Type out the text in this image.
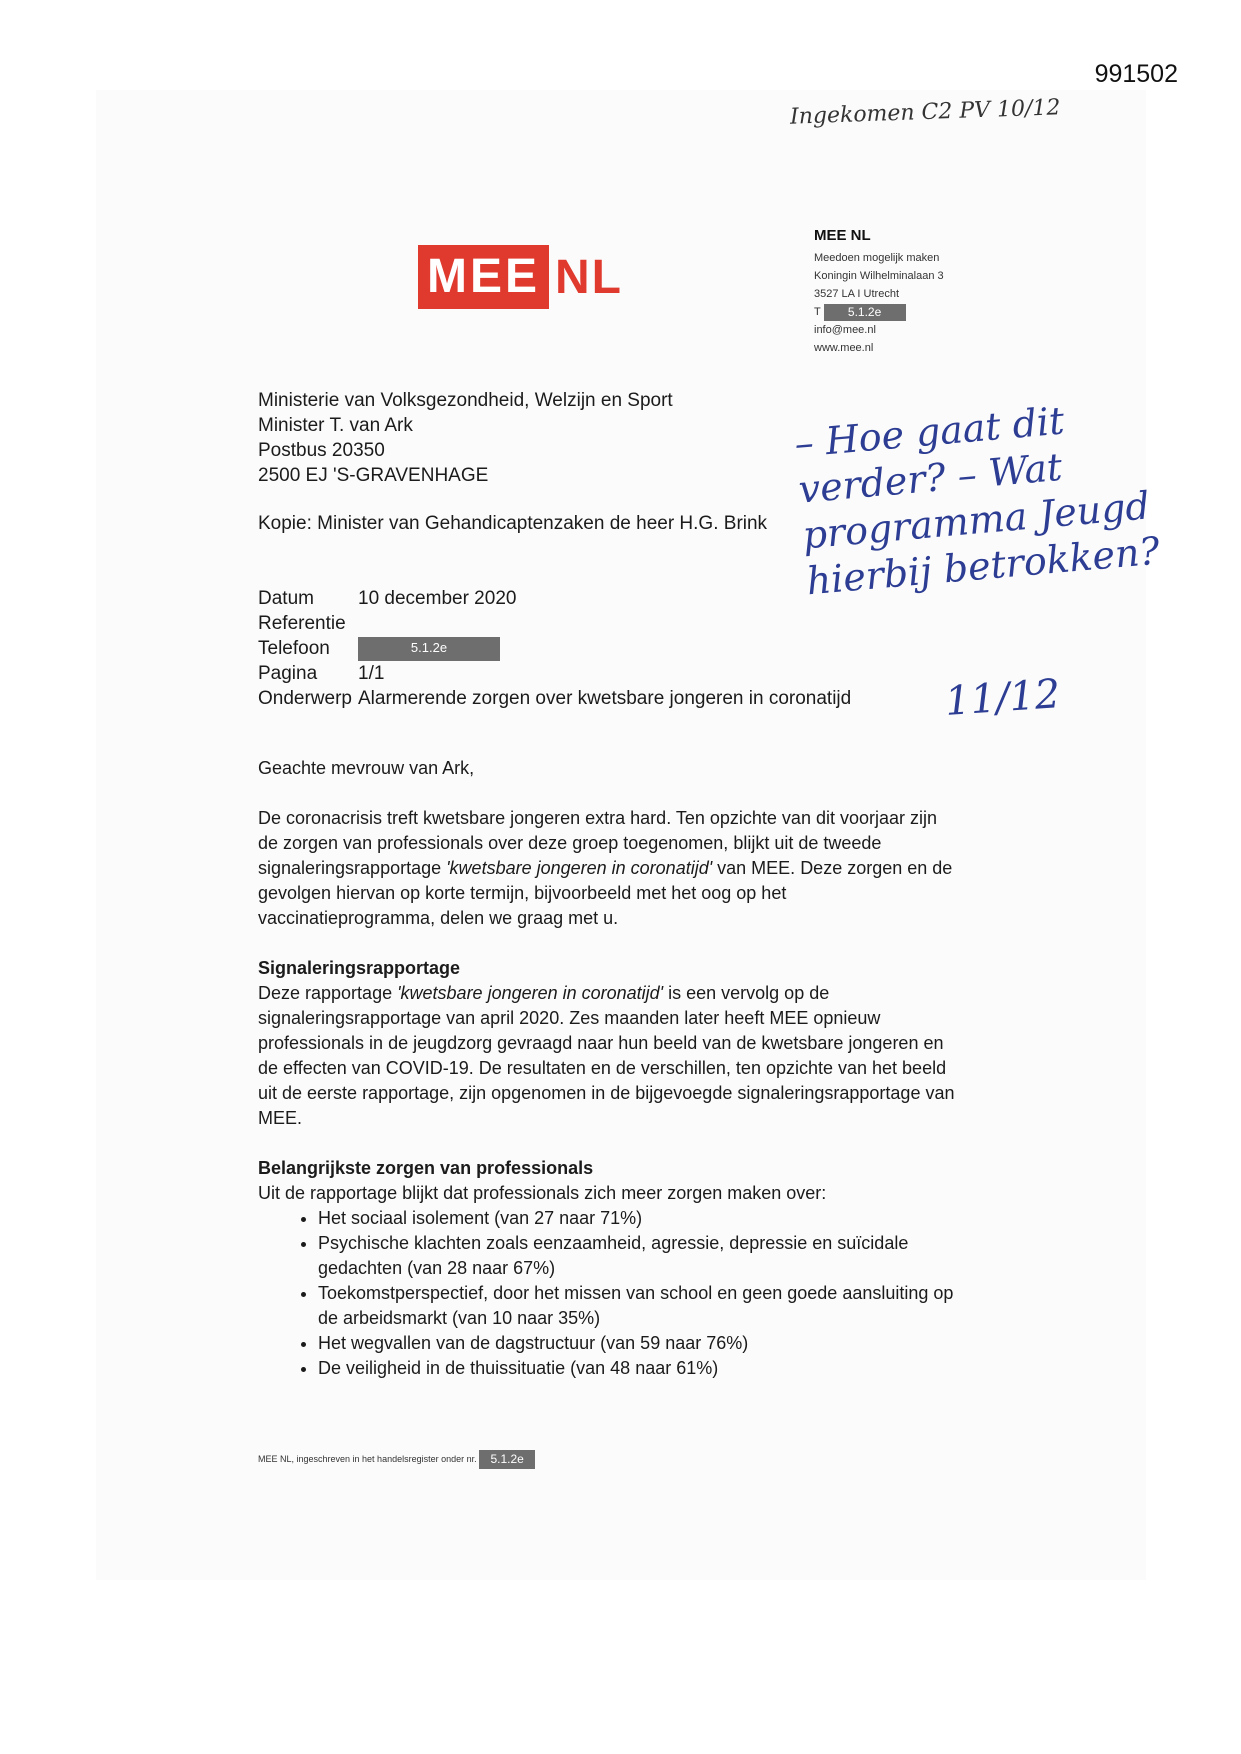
991502
Ingekomen C2 PV 10/12
– Hoe gaat dit verder? – Wat programma Jeugd hierbij betrokken?
11/12
MEE NL
MEE NL
Meedoen mogelijk maken
Koningin Wilhelminalaan 3
3527 LA I Utrecht
T 5.1.2e
info@mee.nl
www.mee.nl
Ministerie van Volksgezondheid, Welzijn en Sport
Minister T. van Ark
Postbus 20350
2500 EJ 'S-GRAVENHAGE
Kopie: Minister van Gehandicaptenzaken de heer H.G. Brink
Datum 10 december 2020
Referentie
Telefoon	5.1.2e
Pagina 1/1
Onderwerp Alarmerende zorgen over kwetsbare jongeren in coronatijd

Geachte mevrouw van Ark,

De coronacrisis treft kwetsbare jongeren extra hard. Ten opzichte van dit voorjaar zijn de zorgen van professionals over deze groep toegenomen, blijkt uit de tweede signaleringsrapportage 'kwetsbare jongeren in coronatijd' van MEE. Deze zorgen en de gevolgen hiervan op korte termijn, bijvoorbeeld met het oog op het vaccinatieprogramma, delen we graag met u.

Signaleringsrapportage

Deze rapportage 'kwetsbare jongeren in coronatijd' is een vervolg op de signaleringsrapportage van april 2020. Zes maanden later heeft MEE opnieuw professionals in de jeugdzorg gevraagd naar hun beeld van de kwetsbare jongeren en de effecten van COVID-19. De resultaten en de verschillen, ten opzichte van het beeld uit de eerste rapportage, zijn opgenomen in de bijgevoegde signaleringsrapportage van MEE.

Belangrijkste zorgen van professionals
Uit de rapportage blijkt dat professionals zich meer zorgen maken over:
• Het sociaal isolement (van 27 naar 71%)
• Psychische klachten zoals eenzaamheid, agressie, depressie en suïcidale gedachten (van 28 naar 67%)
• Toekomstperspectief, door het missen van school en geen goede aansluiting op de arbeidsmarkt (van 10 naar 35%)
• Het wegvallen van de dagstructuur (van 59 naar 76%)
• De veiligheid in de thuissituatie (van 48 naar 61%)
MEE NL, ingeschreven in het handelsregister onder nr. 5.1.2e
